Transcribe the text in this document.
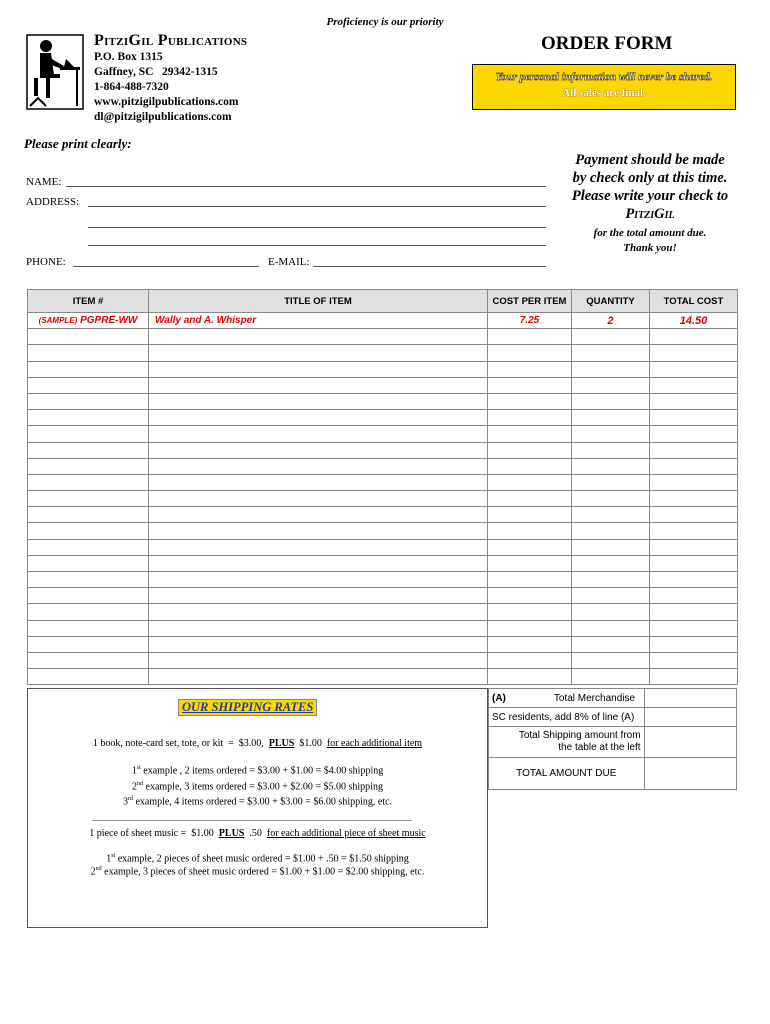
Proficiency is our priority
PitziGil Publications
P.O. Box 1315
Gaffney, SC   29342-1315
1-864-488-7320
www.pitzigilpublications.com
dl@pitzigilpublications.com
ORDER FORM
Your personal information will never be shared.
All sales are final.
Please print clearly:
NAME:
ADDRESS:
PHONE:	E-MAIL:
Payment should be made
by check only at this time.
Please write your check to
PitziGil
for the total amount due.
Thank you!
ITEM #	TITLE OF ITEM	COST PER ITEM	QUANTITY	TOTAL COST
(SAMPLE) PGPRE-WW	Wally and A. Whisper	7.25	2	14.50

OUR SHIPPING RATES
1 book, note-card set, tote, or kit  =  $3.00,  PLUS  $1.00  for each additional item
1st example , 2 items ordered = $3.00 + $1.00 = $4.00 shipping
2nd example, 3 items ordered = $3.00 + $2.00 = $5.00 shipping
3rd example, 4 items ordered = $3.00 + $3.00 = $6.00 shipping, etc.
1 piece of sheet music =  $1.00  PLUS  .50  for each additional piece of sheet music
1st example, 2 pieces of sheet music ordered = $1.00 + .50 = $1.50 shipping
2nd example, 3 pieces of sheet music ordered = $1.00 + $1.00 = $2.00 shipping, etc.
(A) Total Merchandise	
SC residents, add 8% of line (A)	

Total Shipping amount from
the table at the left	

TOTAL AMOUNT DUE	
